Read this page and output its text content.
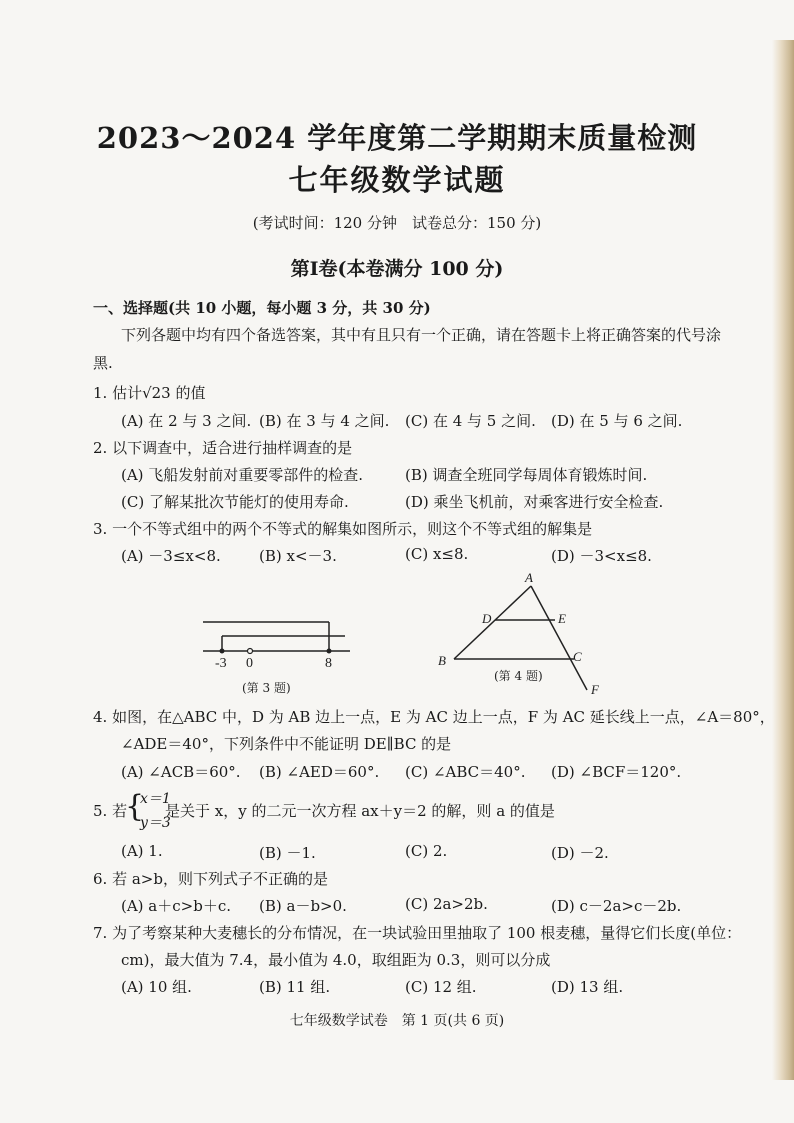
2023～2024 学年度第二学期期末质量检测
七年级数学试题
(考试时间：120 分钟　试卷总分：150 分)
第Ⅰ卷(本卷满分 100 分)
一、选择题(共 10 小题，每小题 3 分，共 30 分)
下列各题中均有四个备选答案，其中有且只有一个正确，请在答题卡上将正确答案的代号涂
黑.
1. 估计√23 的值
(A) 在 2 与 3 之间. (B) 在 3 与 4 之间. (C) 在 4 与 5 之间. (D) 在 5 与 6 之间.
2. 以下调查中，适合进行抽样调查的是
(A) 飞船发射前对重要零部件的检查.	(B) 调查全班同学每周体育锻炼时间.
(C) 了解某批次节能灯的使用寿命.	(D) 乘坐飞机前，对乘客进行安全检查.
3. 一个不等式组中的两个不等式的解集如图所示，则这个不等式组的解集是
(A) －3≤x<8.	(B) x<－3.	(C) x≤8.	(D) －3<x≤8.
-3 0	8
(第 3 题)
A
D	E
B	C
F
(第 4 题)
4. 如图，在△ABC 中，D 为 AB 边上一点，E 为 AC 边上一点，F 为 AC 延长线上一点，∠A＝80°，
∠ADE＝40°，下列条件中不能证明 DE∥BC 的是
(A) ∠ACB＝60°. (B) ∠AED＝60°. (C) ∠ABC＝40°. (D) ∠BCF＝120°.
5. 若
{
x＝1
y＝3
是关于 x，y 的二元一次方程 ax＋y＝2 的解，则 a 的值是
(A) 1.	(B) －1.	(C) 2.	(D) －2.
6. 若 a>b，则下列式子不正确的是
(A) a＋c>b＋c. (B) a－b>0.	(C) 2a>2b.	(D) c－2a>c－2b.
7. 为了考察某种大麦穗长的分布情况，在一块试验田里抽取了 100 根麦穗，量得它们长度(单位：
cm)，最大值为 7.4，最小值为 4.0，取组距为 0.3，则可以分成
(A) 10 组.	(B) 11 组.	(C) 12 组.	(D) 13 组.
七年级数学试卷　第 1 页(共 6 页)
